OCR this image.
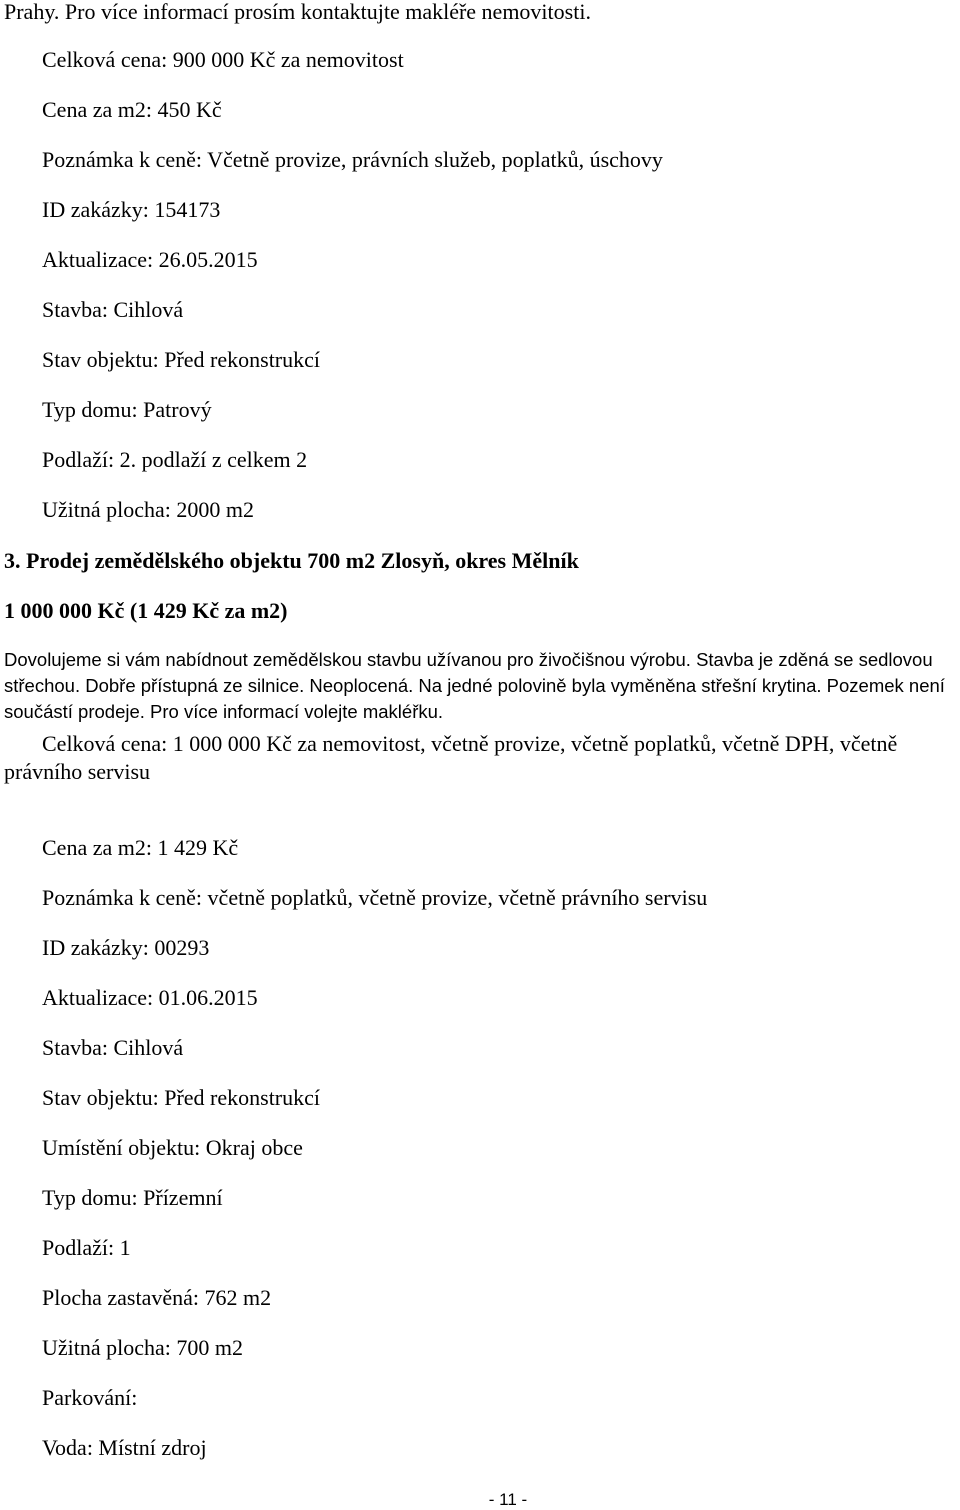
Prahy. Pro více informací prosím kontaktujte makléře nemovitosti.
Celková cena: 900 000 Kč za nemovitost
Cena za m2: 450 Kč
Poznámka k ceně: Včetně provize, právních služeb, poplatků, úschovy
ID zakázky: 154173
Aktualizace: 26.05.2015
Stavba: Cihlová
Stav objektu: Před rekonstrukcí
Typ domu: Patrový
Podlaží: 2. podlaží z celkem 2
Užitná plocha: 2000 m2
3. Prodej zemědělského objektu 700 m2 Zlosyň, okres Mělník
1 000 000 Kč (1 429 Kč za m2)
Dovolujeme si vám nabídnout zemědělskou stavbu užívanou pro živočišnou výrobu. Stavba je zděná se sedlovou střechou. Dobře přístupná ze silnice. Neoplocená. Na jedné polovině byla vyměněna střešní krytina. Pozemek není součástí prodeje. Pro více informací volejte makléřku.
Celková cena: 1 000 000 Kč za nemovitost, včetně provize, včetně poplatků, včetně DPH, včetně právního servisu
Cena za m2: 1 429 Kč
Poznámka k ceně: včetně poplatků, včetně provize, včetně právního servisu
ID zakázky: 00293
Aktualizace: 01.06.2015
Stavba: Cihlová
Stav objektu: Před rekonstrukcí
Umístění objektu: Okraj obce
Typ domu: Přízemní
Podlaží: 1
Plocha zastavěná: 762 m2
Užitná plocha: 700 m2
Parkování:
Voda: Místní zdroj
- 11 -
